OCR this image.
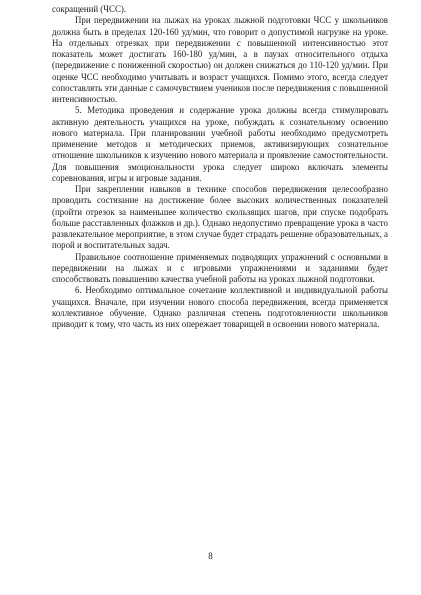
сокращений (ЧСС).

При передвижении на лыжах на уроках лыжной подготовки ЧСС у школьников должна быть в пределах 120-160 уд/мин, что говорит о допустимой нагрузке на уроке. На отдельных отрезках при передвижении с повышенной интенсивностью этот показатель может достигать 160-180 уд/мин, а в паузах относительного отдыха (передвижение с пониженной скоростью) он должен снижаться до 110-120 уд/мин. При оценке ЧСС необходимо учитывать и возраст учащихся. Помимо этого, всегда следует сопоставлять эти данные с самочувствием учеников после передвижения с повышенной интенсивностью.

5. Методика проведения и содержание урока должны всегда стимулировать активную деятельность учащихся на уроке, побуждать к сознательному освоению нового материала. При планировании учебной работы необходимо предусмотреть применение методов и методических приемов, активизирующих сознательное отношение школьников к изучению нового материала и проявление самостоятельности. Для повышения эмоциональности урока следует широко включать элементы соревнования, игры и игровые задания.

При закреплении навыков в технике способов передвижения целесообразно проводить состязание на достижение более высоких количественных показателей (пройти отрезок за наименьшее количество скользящих шагов, при спуске подобрать больше расставленных флажков и др.). Однако недопустимо превращение урока в часто развлекательное мероприятие, в этом случае будет страдать решение образовательных, а порой и воспитательных задач.

Правильное соотношение применяемых подводящих упражнений с основными в передвижении на лыжах и с игровыми упражнениями и заданиями будет способствовать повышению качества учебной работы на уроках лыжной подготовки.

6. Необходимо оптимальное сочетание коллективной и индивидуальной работы учащихся. Вначале, при изучении нового способа передвижения, всегда применяется коллективное обучение. Однако различная степень подготовленности школьников приводит к тому, что часть из них опережает товарищей в освоении нового материала.

8
